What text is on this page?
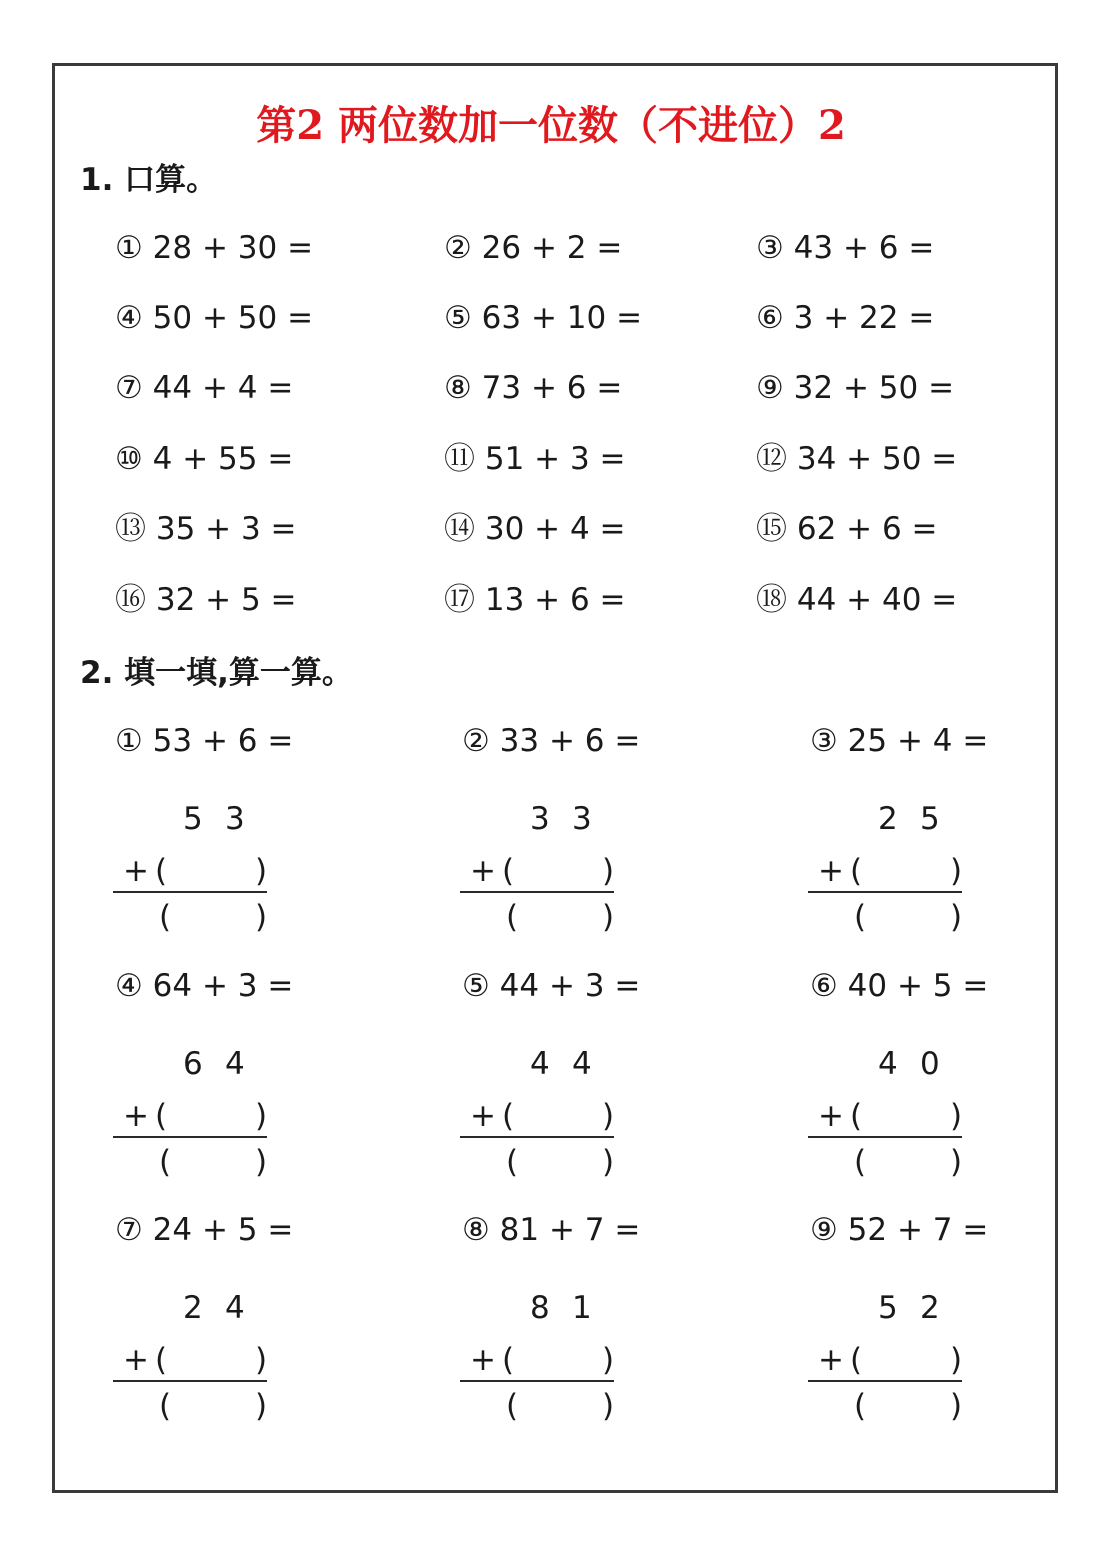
第2 两位数加一位数（不进位）2
1. 口算。
① 28 + 30 =	② 26 + 2 =	③ 43 + 6 =
④ 50 + 50 =	⑤ 63 + 10 =	⑥ 3 + 22 =
⑦ 44 + 4 =	⑧ 73 + 6 =	⑨ 32 + 50 =
⑩ 4 + 55 =	⑪ 51 + 3 =	⑫ 34 + 50 =
⑬ 35 + 3 =	⑭ 30 + 4 =	⑮ 62 + 6 =
⑯ 32 + 5 =	⑰ 13 + 6 =	⑱ 44 + 40 =
2. 填一填,算一算。
① 53 + 6 =
5 3
+ (	)
(	)
② 33 + 6 =
3 3
+ (	)
(	)
③ 25 + 4 =
2 5
+ (	)
(	)
④ 64 + 3 =
6 4
+ (	)
(	)
⑤ 44 + 3 =
4 4
+ (	)
(	)
⑥ 40 + 5 =
4 0
+ (	)
(	)
⑦ 24 + 5 =
2 4
+ (	)
(	)
⑧ 81 + 7 =
8 1
+ (	)
(	)
⑨ 52 + 7 =
5 2
+ (	)
(	)
